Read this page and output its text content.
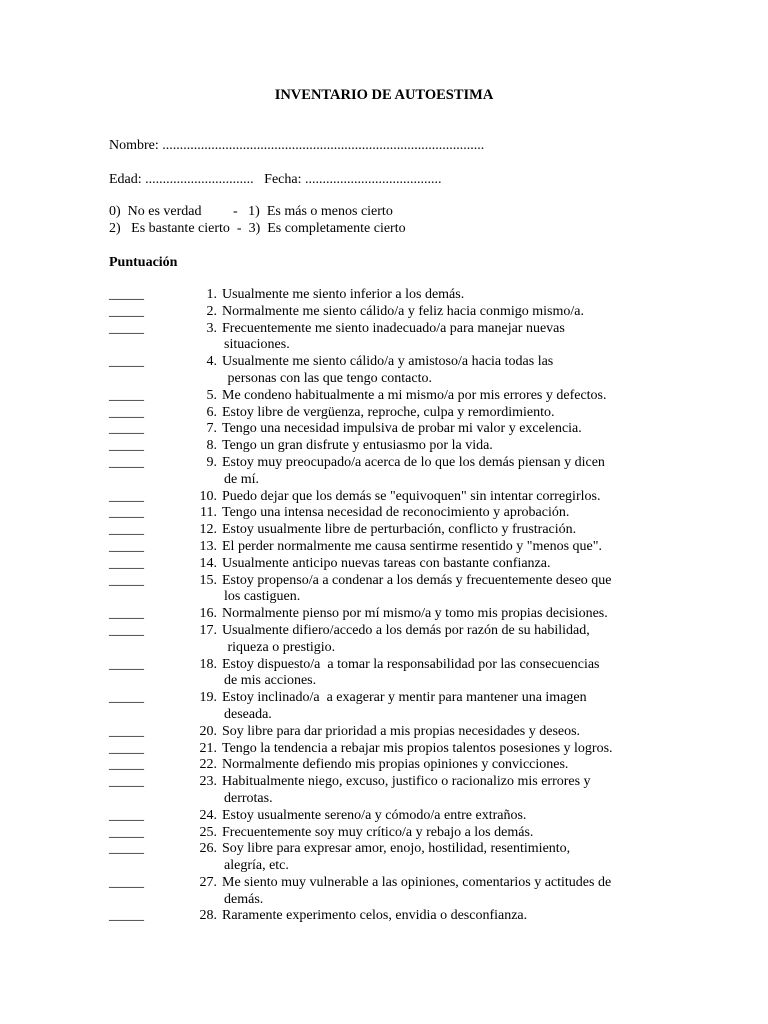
INVENTARIO DE AUTOESTIMA
Nombre: ............................................................................................
Edad: ...............................   Fecha: .......................................
0)  No es verdad         -   1)  Es más o menos cierto
2)   Es bastante cierto  -  3)  Es completamente cierto
Puntuación
_____	1. Usualmente me siento inferior a los demás.
_____	2. Normalmente me siento cálido/a y feliz hacia conmigo mismo/a.
_____	3. Frecuentemente me siento inadecuado/a para manejar nuevas
situaciones.
_____	4. Usualmente me siento cálido/a y amistoso/a hacia todas las
personas con las que tengo contacto.
_____	5. Me condeno habitualmente a mi mismo/a por mis errores y defectos.
_____	6. Estoy libre de vergüenza, reproche, culpa y remordimiento.
_____	7. Tengo una necesidad impulsiva de probar mi valor y excelencia.
_____	8. Tengo un gran disfrute y entusiasmo por la vida.
_____	9. Estoy muy preocupado/a acerca de lo que los demás piensan y dicen
de mí.
_____	10. Puedo dejar que los demás se "equivoquen" sin intentar corregirlos.
_____	11. Tengo una intensa necesidad de reconocimiento y aprobación.
_____	12. Estoy usualmente libre de perturbación, conflicto y frustración.
_____	13. El perder normalmente me causa sentirme resentido y "menos que".
_____	14. Usualmente anticipo nuevas tareas con bastante confianza.
_____	15. Estoy propenso/a a condenar a los demás y frecuentemente deseo que
los castiguen.
_____	16. Normalmente pienso por mí mismo/a y tomo mis propias decisiones.
_____	17. Usualmente difiero/accedo a los demás por razón de su habilidad,
riqueza o prestigio.
_____	18. Estoy dispuesto/a  a tomar la responsabilidad por las consecuencias
de mis acciones.
_____	19. Estoy inclinado/a  a exagerar y mentir para mantener una imagen
deseada.
_____	20. Soy libre para dar prioridad a mis propias necesidades y deseos.
_____	21. Tengo la tendencia a rebajar mis propios talentos posesiones y logros.
_____	22. Normalmente defiendo mis propias opiniones y convicciones.
_____	23. Habitualmente niego, excuso, justifico o racionalizo mis errores y
derrotas.
_____	24. Estoy usualmente sereno/a y cómodo/a entre extraños.
_____	25. Frecuentemente soy muy crítico/a y rebajo a los demás.
_____	26. Soy libre para expresar amor, enojo, hostilidad, resentimiento,
alegría, etc.
_____	27. Me siento muy vulnerable a las opiniones, comentarios y actitudes de
demás.
_____	28. Raramente experimento celos, envidia o desconfianza.
